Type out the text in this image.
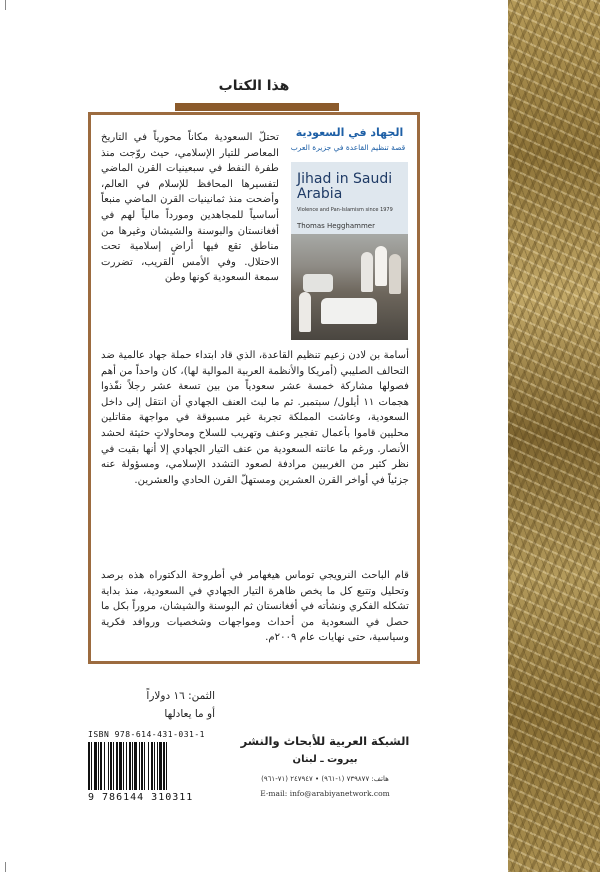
هذا الكتاب
الجهاد في السعودية
قصة تنظيم القاعدة في جزيرة العرب
Jihad in Saudi Arabia
Violence and Pan-Islamism since 1979
Thomas Hegghammer
تحتلّ السعودية مكاناً محورياً في التاريخ المعاصر للتيار الإسلامي، حيث روّجت منذ طفرة النفط في سبعينيات القرن الماضي لتفسيرها المحافظ للإسلام في العالم، وأضحت منذ ثمانينيات القرن الماضي منبعاً أساسياً للمجاهدين ومورداً مالياً لهم في أفغانستان والبوسنة والشيشان وغيرها من مناطق تقع فيها أراضٍ إسلامية تحت الاحتلال. وفي الأمس القريب، تضررت سمعة السعودية كونها وطن
أسامة بن لادن زعيم تنظيم القاعدة، الذي قاد ابتداء حملة جهاد عالمية ضد التحالف الصليبي (أمريكا والأنظمة العربية الموالية لها)، كان واحداً من أهم فصولها مشاركة خمسة عشر سعودياً من بين تسعة عشر رجلاً نفّذوا هجمات ١١ أيلول/ سبتمبر. ثم ما لبث العنف الجهادي أن انتقل إلى داخل السعودية، وعاشت المملكة تجربة غير مسبوقة في مواجهة مقاتلين محليين قاموا بأعمال تفجير وعنف وتهريب للسلاح ومحاولاتٍ حثيثة لحشد الأنصار. ورغم ما عانته السعودية من عنف التيار الجهادي إلا أنها بقيت في نظر كثير من الغربيين مرادفة لصعود التشدد الإسلامي، ومسؤولة عنه جزئياً في أواخر القرن العشرين ومستهلّ القرن الحادي والعشرين.
قام الباحث النرويجي توماس هيغهامر في أطروحة الدكتوراه هذه برصد وتحليل وتتبع كل ما يخص ظاهرة التيار الجهادي في السعودية، منذ بداية تشكله الفكري ونشأته في أفغانستان ثم البوسنة والشيشان، مروراً بكل ما حصل في السعودية من أحداث ومواجهات وشخصيات وروافد فكرية وسياسية، حتى نهايات عام ٢٠٠٩م.
الثمن: ١٦ دولاراً
أو ما يعادلها
ISBN 978-614-431-031-1
9 786144 310311
الشبكة العربية للأبحاث والنشر
بيروت ـ لبنان
هاتف: ٧٣٩٨٧٧ (١-٩٦١) • ٢٤٧٩٤٧ (٧١-٩٦١)
E-mail: info@arabiyanetwork.com
